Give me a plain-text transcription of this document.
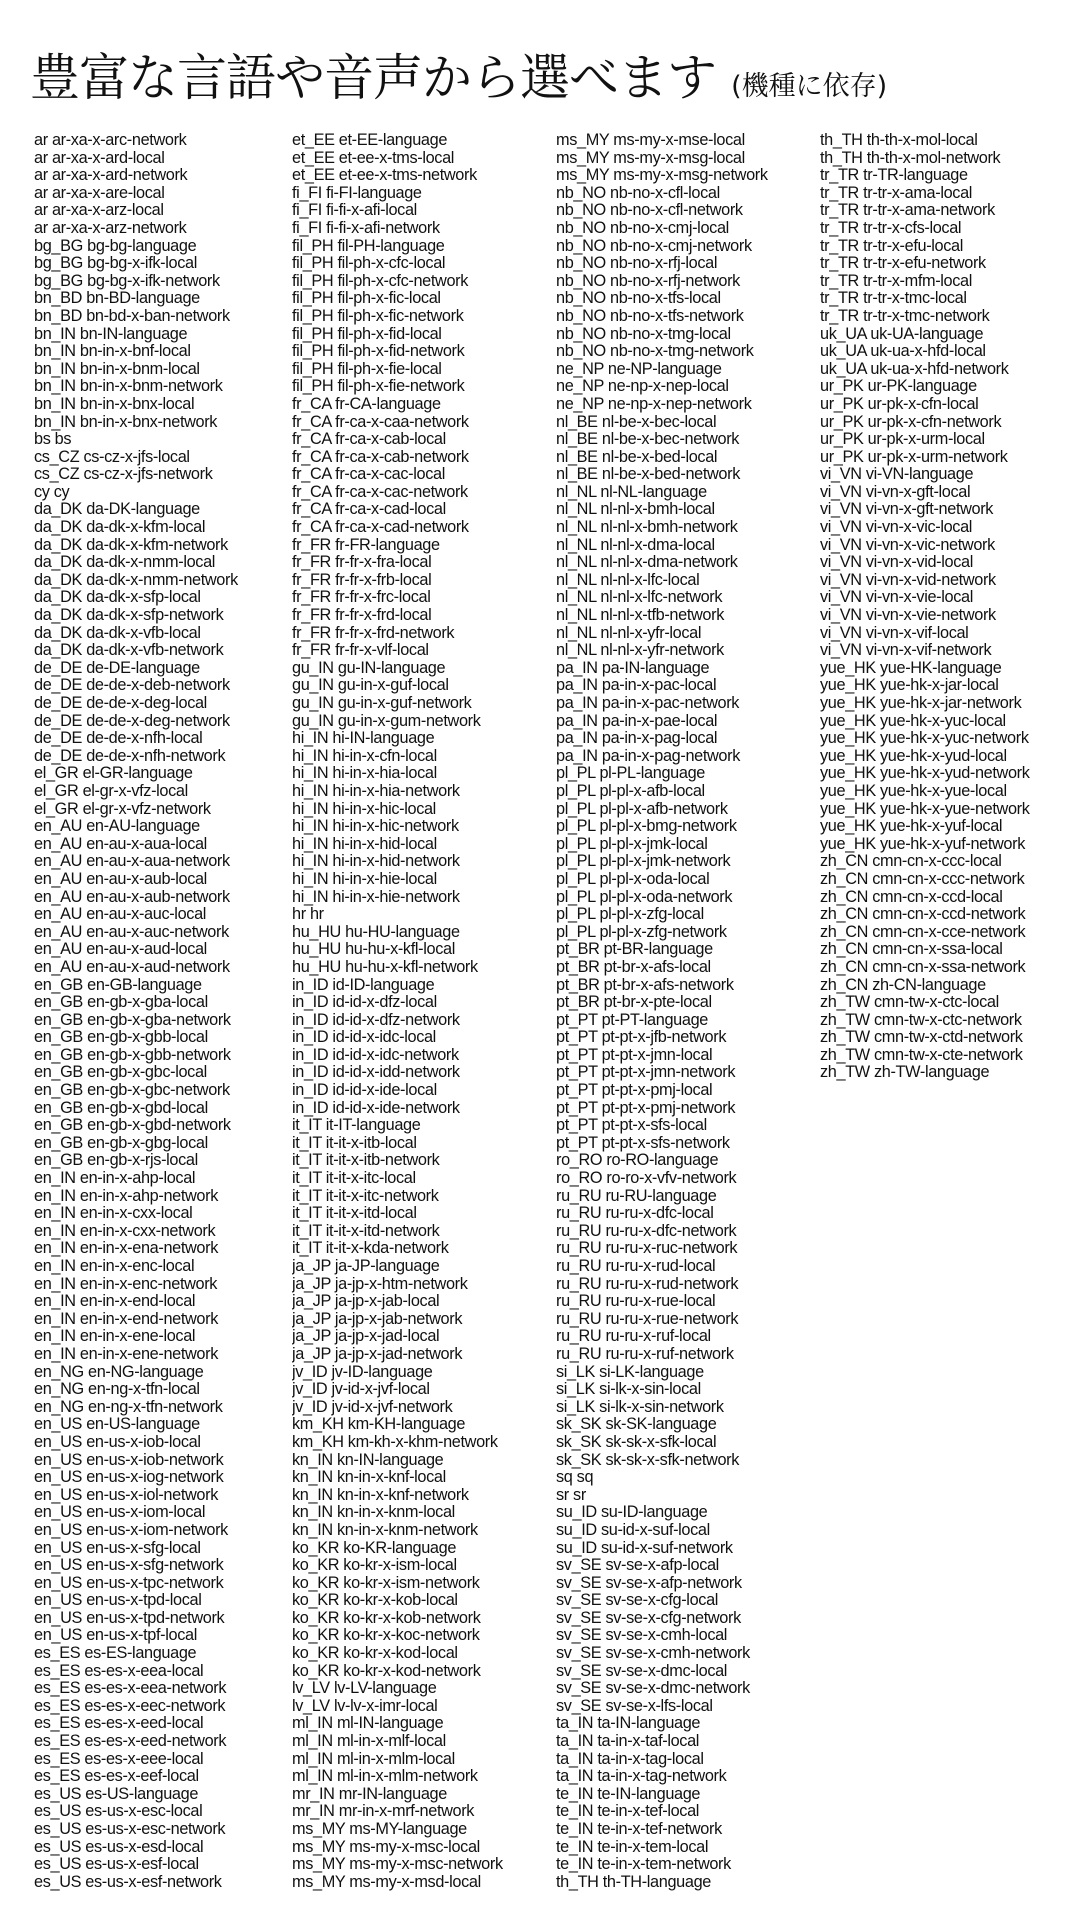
豊富な言語や音声から選べます (機種に依存)
ar ar-xa-x-arc-network
ar ar-xa-x-ard-local
ar ar-xa-x-ard-network
ar ar-xa-x-are-local
ar ar-xa-x-arz-local
ar ar-xa-x-arz-network
bg_BG bg-bg-language
bg_BG bg-bg-x-ifk-local
bg_BG bg-bg-x-ifk-network
bn_BD bn-BD-language
bn_BD bn-bd-x-ban-network
bn_IN bn-IN-language
bn_IN bn-in-x-bnf-local
bn_IN bn-in-x-bnm-local
bn_IN bn-in-x-bnm-network
bn_IN bn-in-x-bnx-local
bn_IN bn-in-x-bnx-network
bs bs
cs_CZ cs-cz-x-jfs-local
cs_CZ cs-cz-x-jfs-network
cy cy
da_DK da-DK-language
da_DK da-dk-x-kfm-local
da_DK da-dk-x-kfm-network
da_DK da-dk-x-nmm-local
da_DK da-dk-x-nmm-network
da_DK da-dk-x-sfp-local
da_DK da-dk-x-sfp-network
da_DK da-dk-x-vfb-local
da_DK da-dk-x-vfb-network
de_DE de-DE-language
de_DE de-de-x-deb-network
de_DE de-de-x-deg-local
de_DE de-de-x-deg-network
de_DE de-de-x-nfh-local
de_DE de-de-x-nfh-network
el_GR el-GR-language
el_GR el-gr-x-vfz-local
el_GR el-gr-x-vfz-network
en_AU en-AU-language
en_AU en-au-x-aua-local
en_AU en-au-x-aua-network
en_AU en-au-x-aub-local
en_AU en-au-x-aub-network
en_AU en-au-x-auc-local
en_AU en-au-x-auc-network
en_AU en-au-x-aud-local
en_AU en-au-x-aud-network
en_GB en-GB-language
en_GB en-gb-x-gba-local
en_GB en-gb-x-gba-network
en_GB en-gb-x-gbb-local
en_GB en-gb-x-gbb-network
en_GB en-gb-x-gbc-local
en_GB en-gb-x-gbc-network
en_GB en-gb-x-gbd-local
en_GB en-gb-x-gbd-network
en_GB en-gb-x-gbg-local
en_GB en-gb-x-rjs-local
en_IN en-in-x-ahp-local
en_IN en-in-x-ahp-network
en_IN en-in-x-cxx-local
en_IN en-in-x-cxx-network
en_IN en-in-x-ena-network
en_IN en-in-x-enc-local
en_IN en-in-x-enc-network
en_IN en-in-x-end-local
en_IN en-in-x-end-network
en_IN en-in-x-ene-local
en_IN en-in-x-ene-network
en_NG en-NG-language
en_NG en-ng-x-tfn-local
en_NG en-ng-x-tfn-network
en_US en-US-language
en_US en-us-x-iob-local
en_US en-us-x-iob-network
en_US en-us-x-iog-network
en_US en-us-x-iol-network
en_US en-us-x-iom-local
en_US en-us-x-iom-network
en_US en-us-x-sfg-local
en_US en-us-x-sfg-network
en_US en-us-x-tpc-network
en_US en-us-x-tpd-local
en_US en-us-x-tpd-network
en_US en-us-x-tpf-local
es_ES es-ES-language
es_ES es-es-x-eea-local
es_ES es-es-x-eea-network
es_ES es-es-x-eec-network
es_ES es-es-x-eed-local
es_ES es-es-x-eed-network
es_ES es-es-x-eee-local
es_ES es-es-x-eef-local
es_US es-US-language
es_US es-us-x-esc-local
es_US es-us-x-esc-network
es_US es-us-x-esd-local
es_US es-us-x-esf-local
es_US es-us-x-esf-network
et_EE et-EE-language
et_EE et-ee-x-tms-local
et_EE et-ee-x-tms-network
fi_FI fi-FI-language
fi_FI fi-fi-x-afi-local
fi_FI fi-fi-x-afi-network
fil_PH fil-PH-language
fil_PH fil-ph-x-cfc-local
fil_PH fil-ph-x-cfc-network
fil_PH fil-ph-x-fic-local
fil_PH fil-ph-x-fic-network
fil_PH fil-ph-x-fid-local
fil_PH fil-ph-x-fid-network
fil_PH fil-ph-x-fie-local
fil_PH fil-ph-x-fie-network
fr_CA fr-CA-language
fr_CA fr-ca-x-caa-network
fr_CA fr-ca-x-cab-local
fr_CA fr-ca-x-cab-network
fr_CA fr-ca-x-cac-local
fr_CA fr-ca-x-cac-network
fr_CA fr-ca-x-cad-local
fr_CA fr-ca-x-cad-network
fr_FR fr-FR-language
fr_FR fr-fr-x-fra-local
fr_FR fr-fr-x-frb-local
fr_FR fr-fr-x-frc-local
fr_FR fr-fr-x-frd-local
fr_FR fr-fr-x-frd-network
fr_FR fr-fr-x-vlf-local
gu_IN gu-IN-language
gu_IN gu-in-x-guf-local
gu_IN gu-in-x-guf-network
gu_IN gu-in-x-gum-network
hi_IN hi-IN-language
hi_IN hi-in-x-cfn-local
hi_IN hi-in-x-hia-local
hi_IN hi-in-x-hia-network
hi_IN hi-in-x-hic-local
hi_IN hi-in-x-hic-network
hi_IN hi-in-x-hid-local
hi_IN hi-in-x-hid-network
hi_IN hi-in-x-hie-local
hi_IN hi-in-x-hie-network
hr hr
hu_HU hu-HU-language
hu_HU hu-hu-x-kfl-local
hu_HU hu-hu-x-kfl-network
in_ID id-ID-language
in_ID id-id-x-dfz-local
in_ID id-id-x-dfz-network
in_ID id-id-x-idc-local
in_ID id-id-x-idc-network
in_ID id-id-x-idd-network
in_ID id-id-x-ide-local
in_ID id-id-x-ide-network
it_IT it-IT-language
it_IT it-it-x-itb-local
it_IT it-it-x-itb-network
it_IT it-it-x-itc-local
it_IT it-it-x-itc-network
it_IT it-it-x-itd-local
it_IT it-it-x-itd-network
it_IT it-it-x-kda-network
ja_JP ja-JP-language
ja_JP ja-jp-x-htm-network
ja_JP ja-jp-x-jab-local
ja_JP ja-jp-x-jab-network
ja_JP ja-jp-x-jad-local
ja_JP ja-jp-x-jad-network
jv_ID jv-ID-language
jv_ID jv-id-x-jvf-local
jv_ID jv-id-x-jvf-network
km_KH km-KH-language
km_KH km-kh-x-khm-network
kn_IN kn-IN-language
kn_IN kn-in-x-knf-local
kn_IN kn-in-x-knf-network
kn_IN kn-in-x-knm-local
kn_IN kn-in-x-knm-network
ko_KR ko-KR-language
ko_KR ko-kr-x-ism-local
ko_KR ko-kr-x-ism-network
ko_KR ko-kr-x-kob-local
ko_KR ko-kr-x-kob-network
ko_KR ko-kr-x-koc-network
ko_KR ko-kr-x-kod-local
ko_KR ko-kr-x-kod-network
lv_LV lv-LV-language
lv_LV lv-lv-x-imr-local
ml_IN ml-IN-language
ml_IN ml-in-x-mlf-local
ml_IN ml-in-x-mlm-local
ml_IN ml-in-x-mlm-network
mr_IN mr-IN-language
mr_IN mr-in-x-mrf-network
ms_MY ms-MY-language
ms_MY ms-my-x-msc-local
ms_MY ms-my-x-msc-network
ms_MY ms-my-x-msd-local
ms_MY ms-my-x-mse-local
ms_MY ms-my-x-msg-local
ms_MY ms-my-x-msg-network
nb_NO nb-no-x-cfl-local
nb_NO nb-no-x-cfl-network
nb_NO nb-no-x-cmj-local
nb_NO nb-no-x-cmj-network
nb_NO nb-no-x-rfj-local
nb_NO nb-no-x-rfj-network
nb_NO nb-no-x-tfs-local
nb_NO nb-no-x-tfs-network
nb_NO nb-no-x-tmg-local
nb_NO nb-no-x-tmg-network
ne_NP ne-NP-language
ne_NP ne-np-x-nep-local
ne_NP ne-np-x-nep-network
nl_BE nl-be-x-bec-local
nl_BE nl-be-x-bec-network
nl_BE nl-be-x-bed-local
nl_BE nl-be-x-bed-network
nl_NL nl-NL-language
nl_NL nl-nl-x-bmh-local
nl_NL nl-nl-x-bmh-network
nl_NL nl-nl-x-dma-local
nl_NL nl-nl-x-dma-network
nl_NL nl-nl-x-lfc-local
nl_NL nl-nl-x-lfc-network
nl_NL nl-nl-x-tfb-network
nl_NL nl-nl-x-yfr-local
nl_NL nl-nl-x-yfr-network
pa_IN pa-IN-language
pa_IN pa-in-x-pac-local
pa_IN pa-in-x-pac-network
pa_IN pa-in-x-pae-local
pa_IN pa-in-x-pag-local
pa_IN pa-in-x-pag-network
pl_PL pl-PL-language
pl_PL pl-pl-x-afb-local
pl_PL pl-pl-x-afb-network
pl_PL pl-pl-x-bmg-network
pl_PL pl-pl-x-jmk-local
pl_PL pl-pl-x-jmk-network
pl_PL pl-pl-x-oda-local
pl_PL pl-pl-x-oda-network
pl_PL pl-pl-x-zfg-local
pl_PL pl-pl-x-zfg-network
pt_BR pt-BR-language
pt_BR pt-br-x-afs-local
pt_BR pt-br-x-afs-network
pt_BR pt-br-x-pte-local
pt_PT pt-PT-language
pt_PT pt-pt-x-jfb-network
pt_PT pt-pt-x-jmn-local
pt_PT pt-pt-x-jmn-network
pt_PT pt-pt-x-pmj-local
pt_PT pt-pt-x-pmj-network
pt_PT pt-pt-x-sfs-local
pt_PT pt-pt-x-sfs-network
ro_RO ro-RO-language
ro_RO ro-ro-x-vfv-network
ru_RU ru-RU-language
ru_RU ru-ru-x-dfc-local
ru_RU ru-ru-x-dfc-network
ru_RU ru-ru-x-ruc-network
ru_RU ru-ru-x-rud-local
ru_RU ru-ru-x-rud-network
ru_RU ru-ru-x-rue-local
ru_RU ru-ru-x-rue-network
ru_RU ru-ru-x-ruf-local
ru_RU ru-ru-x-ruf-network
si_LK si-LK-language
si_LK si-lk-x-sin-local
si_LK si-lk-x-sin-network
sk_SK sk-SK-language
sk_SK sk-sk-x-sfk-local
sk_SK sk-sk-x-sfk-network
sq sq
sr sr
su_ID su-ID-language
su_ID su-id-x-suf-local
su_ID su-id-x-suf-network
sv_SE sv-se-x-afp-local
sv_SE sv-se-x-afp-network
sv_SE sv-se-x-cfg-local
sv_SE sv-se-x-cfg-network
sv_SE sv-se-x-cmh-local
sv_SE sv-se-x-cmh-network
sv_SE sv-se-x-dmc-local
sv_SE sv-se-x-dmc-network
sv_SE sv-se-x-lfs-local
ta_IN ta-IN-language
ta_IN ta-in-x-taf-local
ta_IN ta-in-x-tag-local
ta_IN ta-in-x-tag-network
te_IN te-IN-language
te_IN te-in-x-tef-local
te_IN te-in-x-tef-network
te_IN te-in-x-tem-local
te_IN te-in-x-tem-network
th_TH th-TH-language
th_TH th-th-x-mol-local
th_TH th-th-x-mol-network
tr_TR tr-TR-language
tr_TR tr-tr-x-ama-local
tr_TR tr-tr-x-ama-network
tr_TR tr-tr-x-cfs-local
tr_TR tr-tr-x-efu-local
tr_TR tr-tr-x-efu-network
tr_TR tr-tr-x-mfm-local
tr_TR tr-tr-x-tmc-local
tr_TR tr-tr-x-tmc-network
uk_UA uk-UA-language
uk_UA uk-ua-x-hfd-local
uk_UA uk-ua-x-hfd-network
ur_PK ur-PK-language
ur_PK ur-pk-x-cfn-local
ur_PK ur-pk-x-cfn-network
ur_PK ur-pk-x-urm-local
ur_PK ur-pk-x-urm-network
vi_VN vi-VN-language
vi_VN vi-vn-x-gft-local
vi_VN vi-vn-x-gft-network
vi_VN vi-vn-x-vic-local
vi_VN vi-vn-x-vic-network
vi_VN vi-vn-x-vid-local
vi_VN vi-vn-x-vid-network
vi_VN vi-vn-x-vie-local
vi_VN vi-vn-x-vie-network
vi_VN vi-vn-x-vif-local
vi_VN vi-vn-x-vif-network
yue_HK yue-HK-language
yue_HK yue-hk-x-jar-local
yue_HK yue-hk-x-jar-network
yue_HK yue-hk-x-yuc-local
yue_HK yue-hk-x-yuc-network
yue_HK yue-hk-x-yud-local
yue_HK yue-hk-x-yud-network
yue_HK yue-hk-x-yue-local
yue_HK yue-hk-x-yue-network
yue_HK yue-hk-x-yuf-local
yue_HK yue-hk-x-yuf-network
zh_CN cmn-cn-x-ccc-local
zh_CN cmn-cn-x-ccc-network
zh_CN cmn-cn-x-ccd-local
zh_CN cmn-cn-x-ccd-network
zh_CN cmn-cn-x-cce-network
zh_CN cmn-cn-x-ssa-local
zh_CN cmn-cn-x-ssa-network
zh_CN zh-CN-language
zh_TW cmn-tw-x-ctc-local
zh_TW cmn-tw-x-ctc-network
zh_TW cmn-tw-x-ctd-network
zh_TW cmn-tw-x-cte-network
zh_TW zh-TW-language
